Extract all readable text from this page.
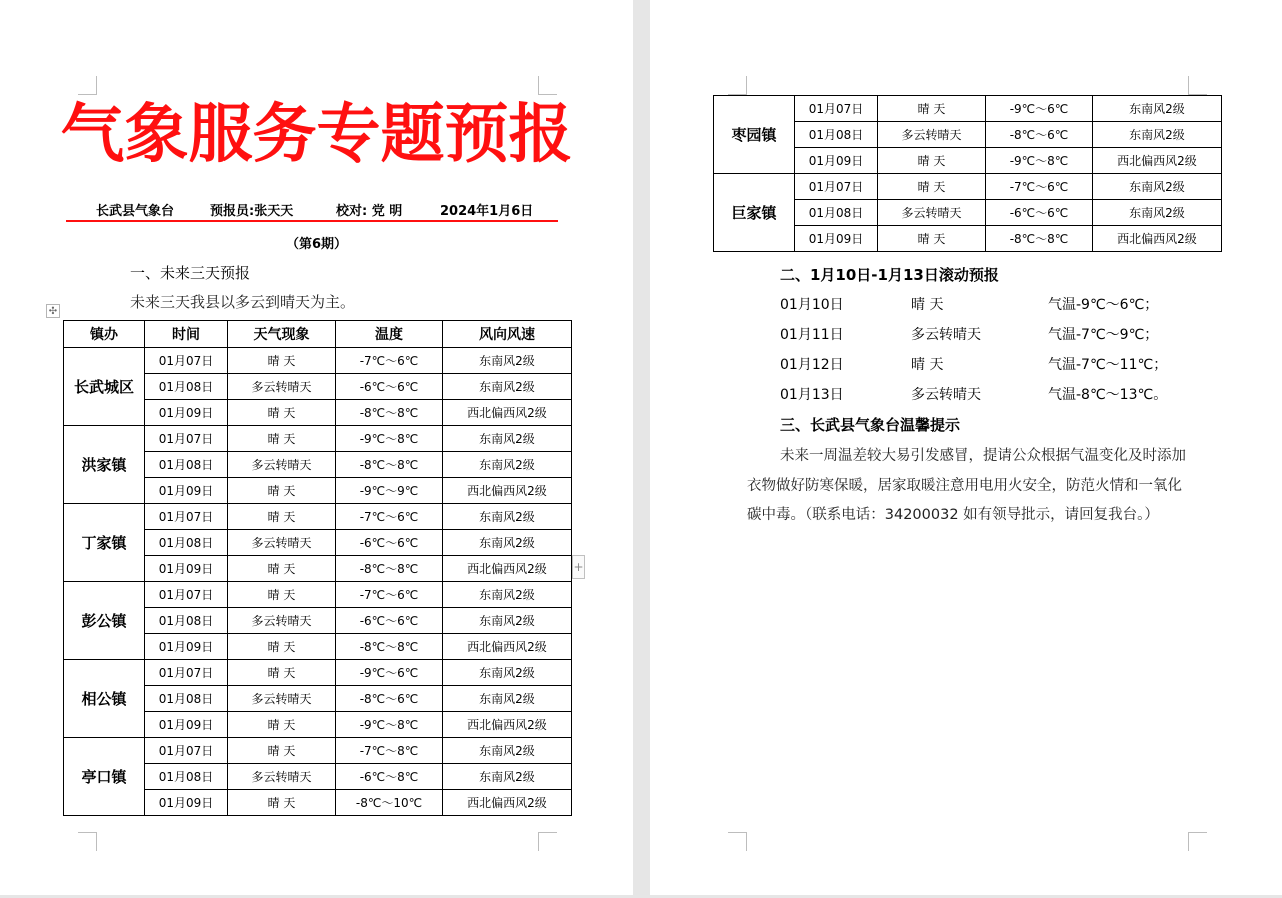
气象服务专题预报
长武县气象台	预报员:张天天	校对: 党 明	2024年1月6日
（第6期）
一、未来三天预报
未来三天我县以多云到晴天为主。
✣
镇办	时间	天气现象	温度	风向风速
长武城区	01月07日	晴 天	-7℃～6℃	东南风2级
	01月08日	多云转晴天	-6℃～6℃	东南风2级
	01月09日	晴 天	-8℃～8℃	西北偏西风2级
洪家镇	01月07日	晴 天	-9℃～8℃	东南风2级
	01月08日	多云转晴天	-8℃～8℃	东南风2级
	01月09日	晴 天	-9℃～9℃	西北偏西风2级
丁家镇	01月07日	晴 天	-7℃～6℃	东南风2级
	01月08日	多云转晴天	-6℃～6℃	东南风2级
	01月09日	晴 天	-8℃～8℃	西北偏西风2级
彭公镇	01月07日	晴 天	-7℃～6℃	东南风2级
	01月08日	多云转晴天	-6℃～6℃	东南风2级
	01月09日	晴 天	-8℃～8℃	西北偏西风2级
相公镇	01月07日	晴 天	-9℃～6℃	东南风2级
	01月08日	多云转晴天	-8℃～6℃	东南风2级
	01月09日	晴 天	-9℃～8℃	西北偏西风2级
亭口镇	01月07日	晴 天	-7℃～8℃	东南风2级
	01月08日	多云转晴天	-6℃～8℃	东南风2级
	01月09日	晴 天	-8℃～10℃	西北偏西风2级
+
枣园镇	01月07日	晴 天	-9℃～6℃	东南风2级
	01月08日	多云转晴天	-8℃～6℃	东南风2级
	01月09日	晴 天	-9℃～8℃	西北偏西风2级
巨家镇	01月07日	晴 天	-7℃～6℃	东南风2级
	01月08日	多云转晴天	-6℃～6℃	东南风2级
	01月09日	晴 天	-8℃～8℃	西北偏西风2级
二、1月10日-1月13日滚动预报
01月10日	晴 天	气温-9℃～6℃；
01月11日	多云转晴天	气温-7℃～9℃；
01月12日	晴 天	气温-7℃～11℃；
01月13日	多云转晴天	气温-8℃～13℃。
三、长武县气象台温馨提示
未来一周温差较大易引发感冒，提请公众根据气温变化及时添加衣物做好防寒保暖，居家取暖注意用电用火安全，防范火情和一氧化碳中毒。（联系电话：34200032 如有领导批示，请回复我台。）
